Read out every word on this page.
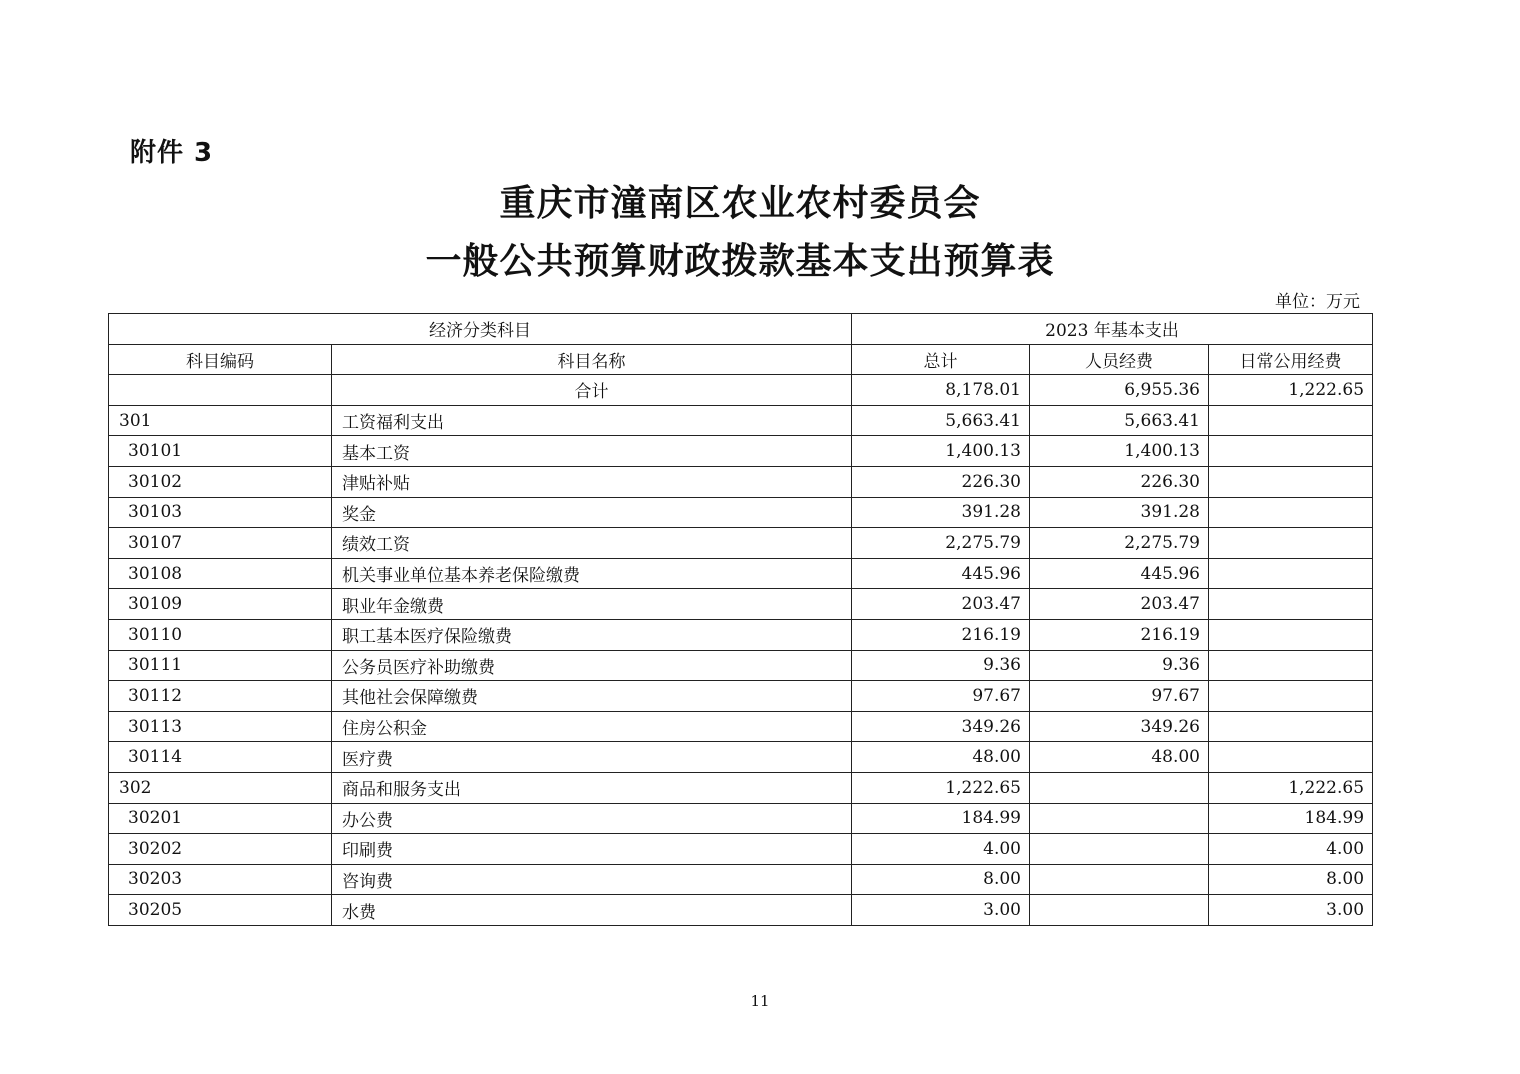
附件 3
重庆市潼南区农业农村委员会
一般公共预算财政拨款基本支出预算表
单位：万元
经济分类科目		2023 年基本支出		
科目编码	科目名称	总计	人员经费	日常公用经费
	合计	8,178.01	6,955.36	1,222.65
301	工资福利支出	5,663.41	5,663.41	
30101	基本工资	1,400.13	1,400.13	
30102	津贴补贴	226.30	226.30	
30103	奖金	391.28	391.28	
30107	绩效工资	2,275.79	2,275.79	
30108	机关事业单位基本养老保险缴费	445.96	445.96	
30109	职业年金缴费	203.47	203.47	
30110	职工基本医疗保险缴费	216.19	216.19	
30111	公务员医疗补助缴费	9.36	9.36	
30112	其他社会保障缴费	97.67	97.67	
30113	住房公积金	349.26	349.26	
30114	医疗费	48.00	48.00	
302	商品和服务支出	1,222.65		1,222.65
30201	办公费	184.99		184.99
30202	印刷费	4.00		4.00
30203	咨询费	8.00		8.00
30205	水费	3.00		3.00
11
